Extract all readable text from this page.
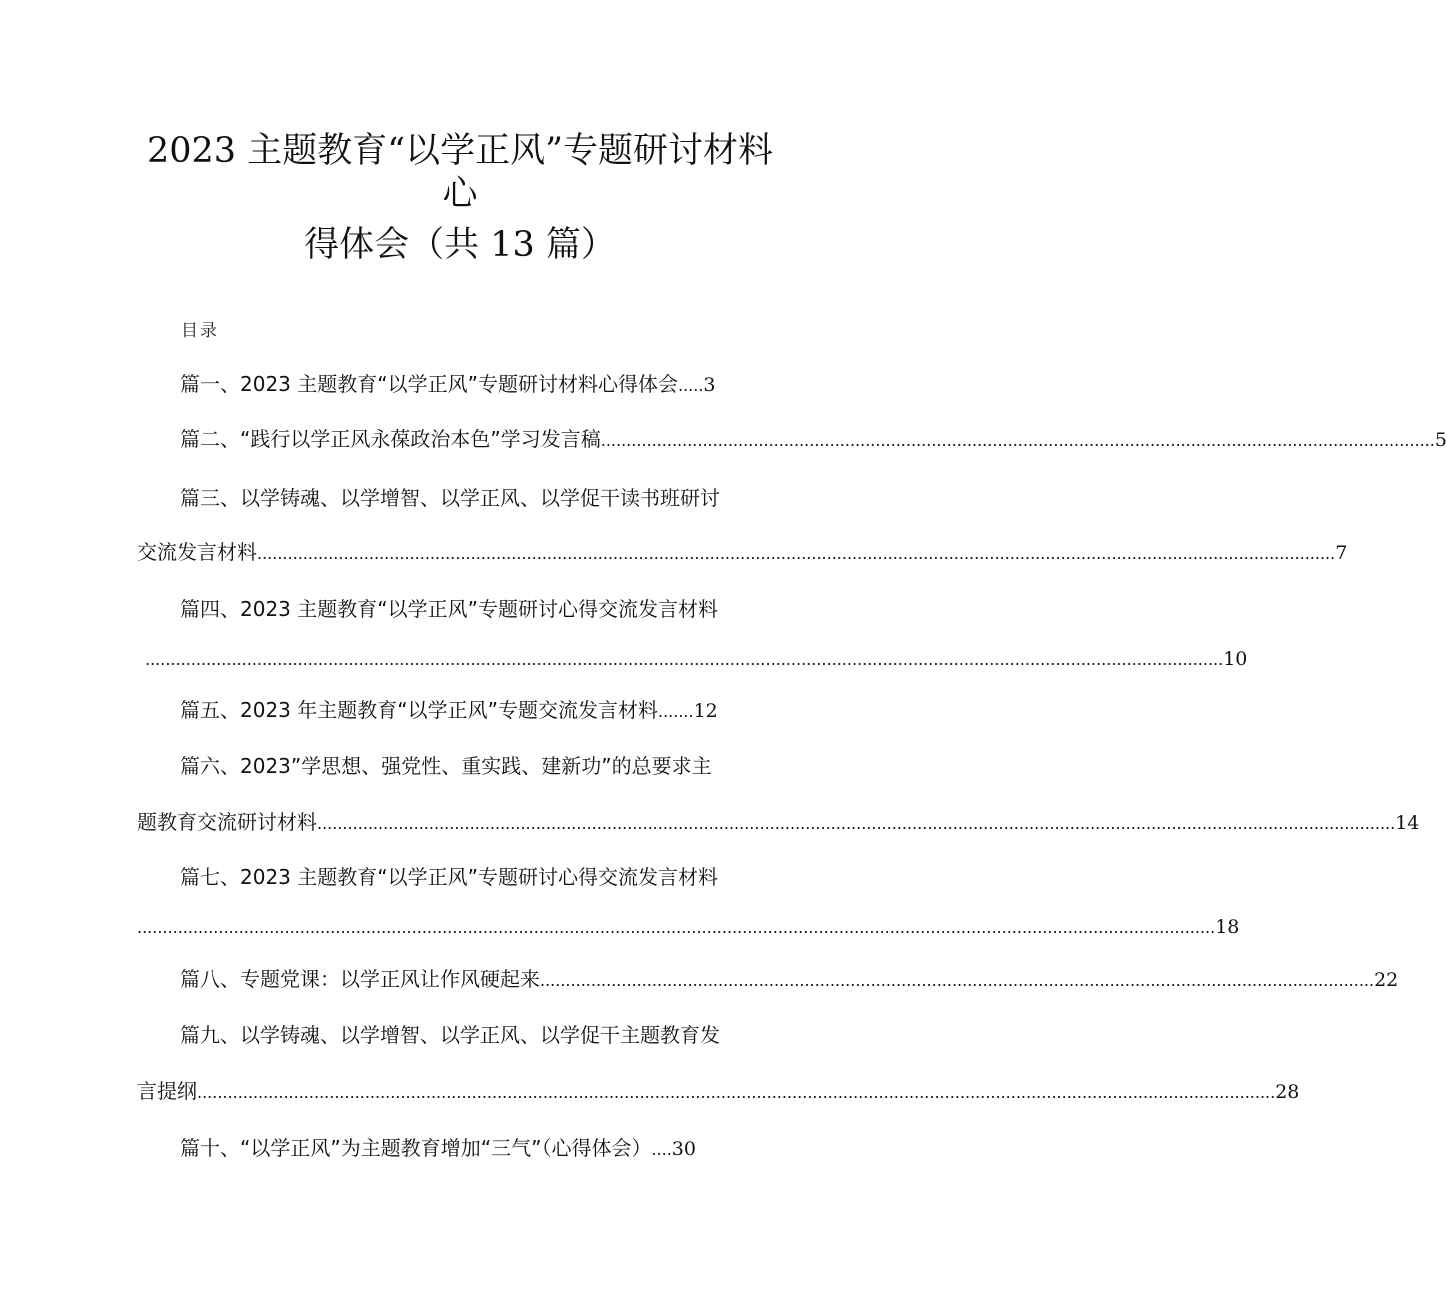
2023 主题教育“以学正风”专题研讨材料
心
得体会（共 13 篇）
目录
篇一、2023 主题教育“以学正风”专题研讨材料心得体会.....3
篇二、“践行以学正风永葆政治本色”学习发言稿 .................................................................................................................................................................... 5
篇三、以学铸魂、以学增智、以学正风、以学促干读书班研讨
交流发言材料 .................................................................................................................................................................................................................... 7
篇四、2023 主题教育“以学正风”专题研讨心得交流发言材料
.................................................................................................................................................................................................................... 10
篇五、2023 年主题教育“以学正风”专题交流发言材料.......12
篇六、2023”学思想、强党性、重实践、建新功”的总要求主
题教育交流研讨材料 .................................................................................................................................................................................................................... 14
篇七、2023 主题教育“以学正风”专题研讨心得交流发言材料
.................................................................................................................................................................................................................... 18
篇八、专题党课：以学正风让作风硬起来 .................................................................................................................................................................... 22
篇九、以学铸魂、以学增智、以学正风、以学促干主题教育发
言提纲 .................................................................................................................................................................................................................... 28
篇十、“以学正风”为主题教育增加“三气”（心得体会）....30
